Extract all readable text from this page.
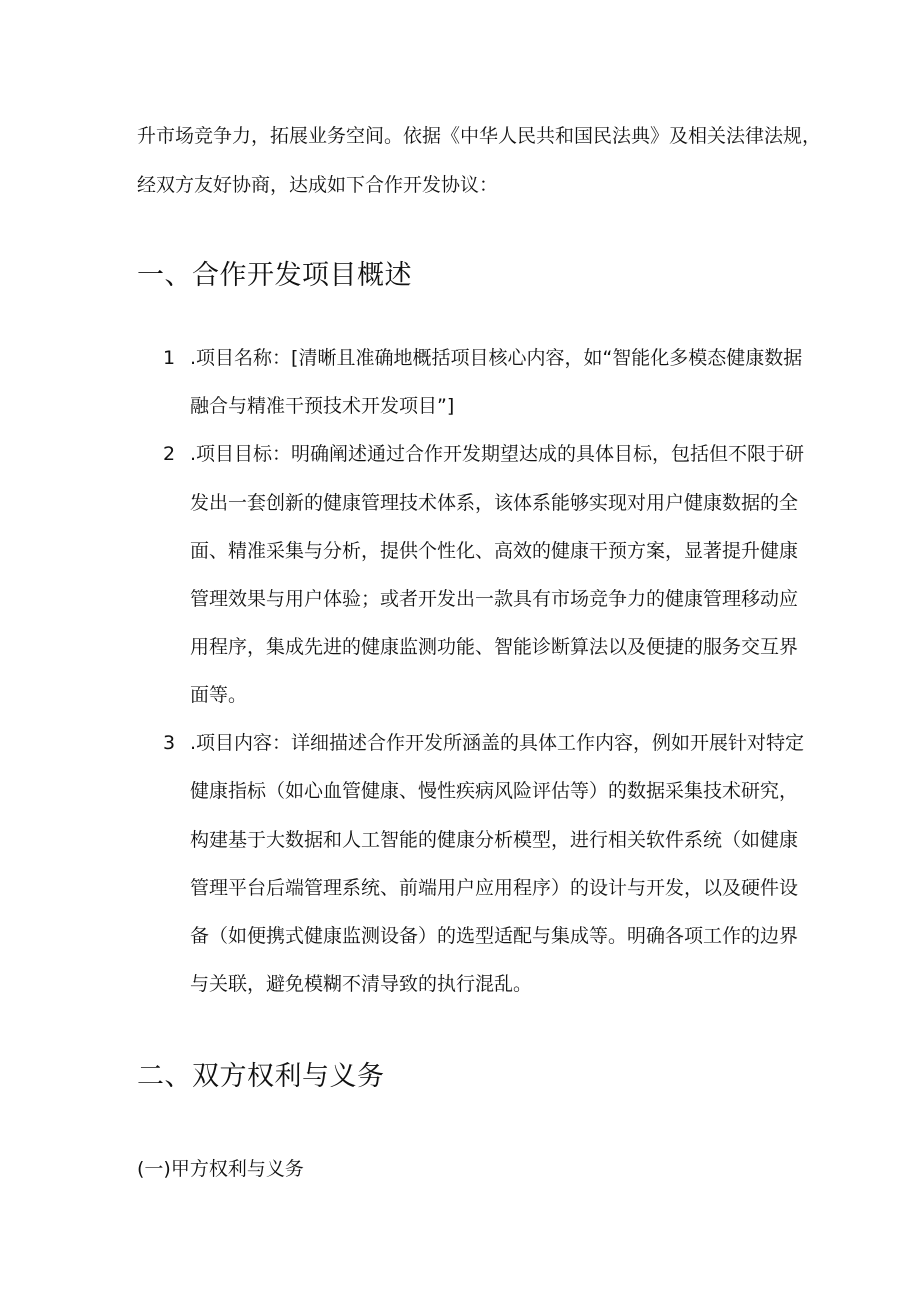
升市场竞争力，拓展业务空间。依据《中华人民共和国民法典》及相关法律法规，
经双方友好协商，达成如下合作开发协议：
一、合作开发项目概述
1 .项目名称：[清晰且准确地概括项目核心内容，如“智能化多模态健康数据
融合与精准干预技术开发项目”]
2 .项目目标：明确阐述通过合作开发期望达成的具体目标，包括但不限于研
发出一套创新的健康管理技术体系，该体系能够实现对用户健康数据的全
面、精准采集与分析，提供个性化、高效的健康干预方案，显著提升健康
管理效果与用户体验；或者开发出一款具有市场竞争力的健康管理移动应
用程序，集成先进的健康监测功能、智能诊断算法以及便捷的服务交互界
面等。
3 .项目内容：详细描述合作开发所涵盖的具体工作内容，例如开展针对特定
健康指标（如心血管健康、慢性疾病风险评估等）的数据采集技术研究，
构建基于大数据和人工智能的健康分析模型，进行相关软件系统（如健康
管理平台后端管理系统、前端用户应用程序）的设计与开发，以及硬件设
备（如便携式健康监测设备）的选型适配与集成等。明确各项工作的边界
与关联，避免模糊不清导致的执行混乱。
二、双方权利与义务
(一)甲方权利与义务
